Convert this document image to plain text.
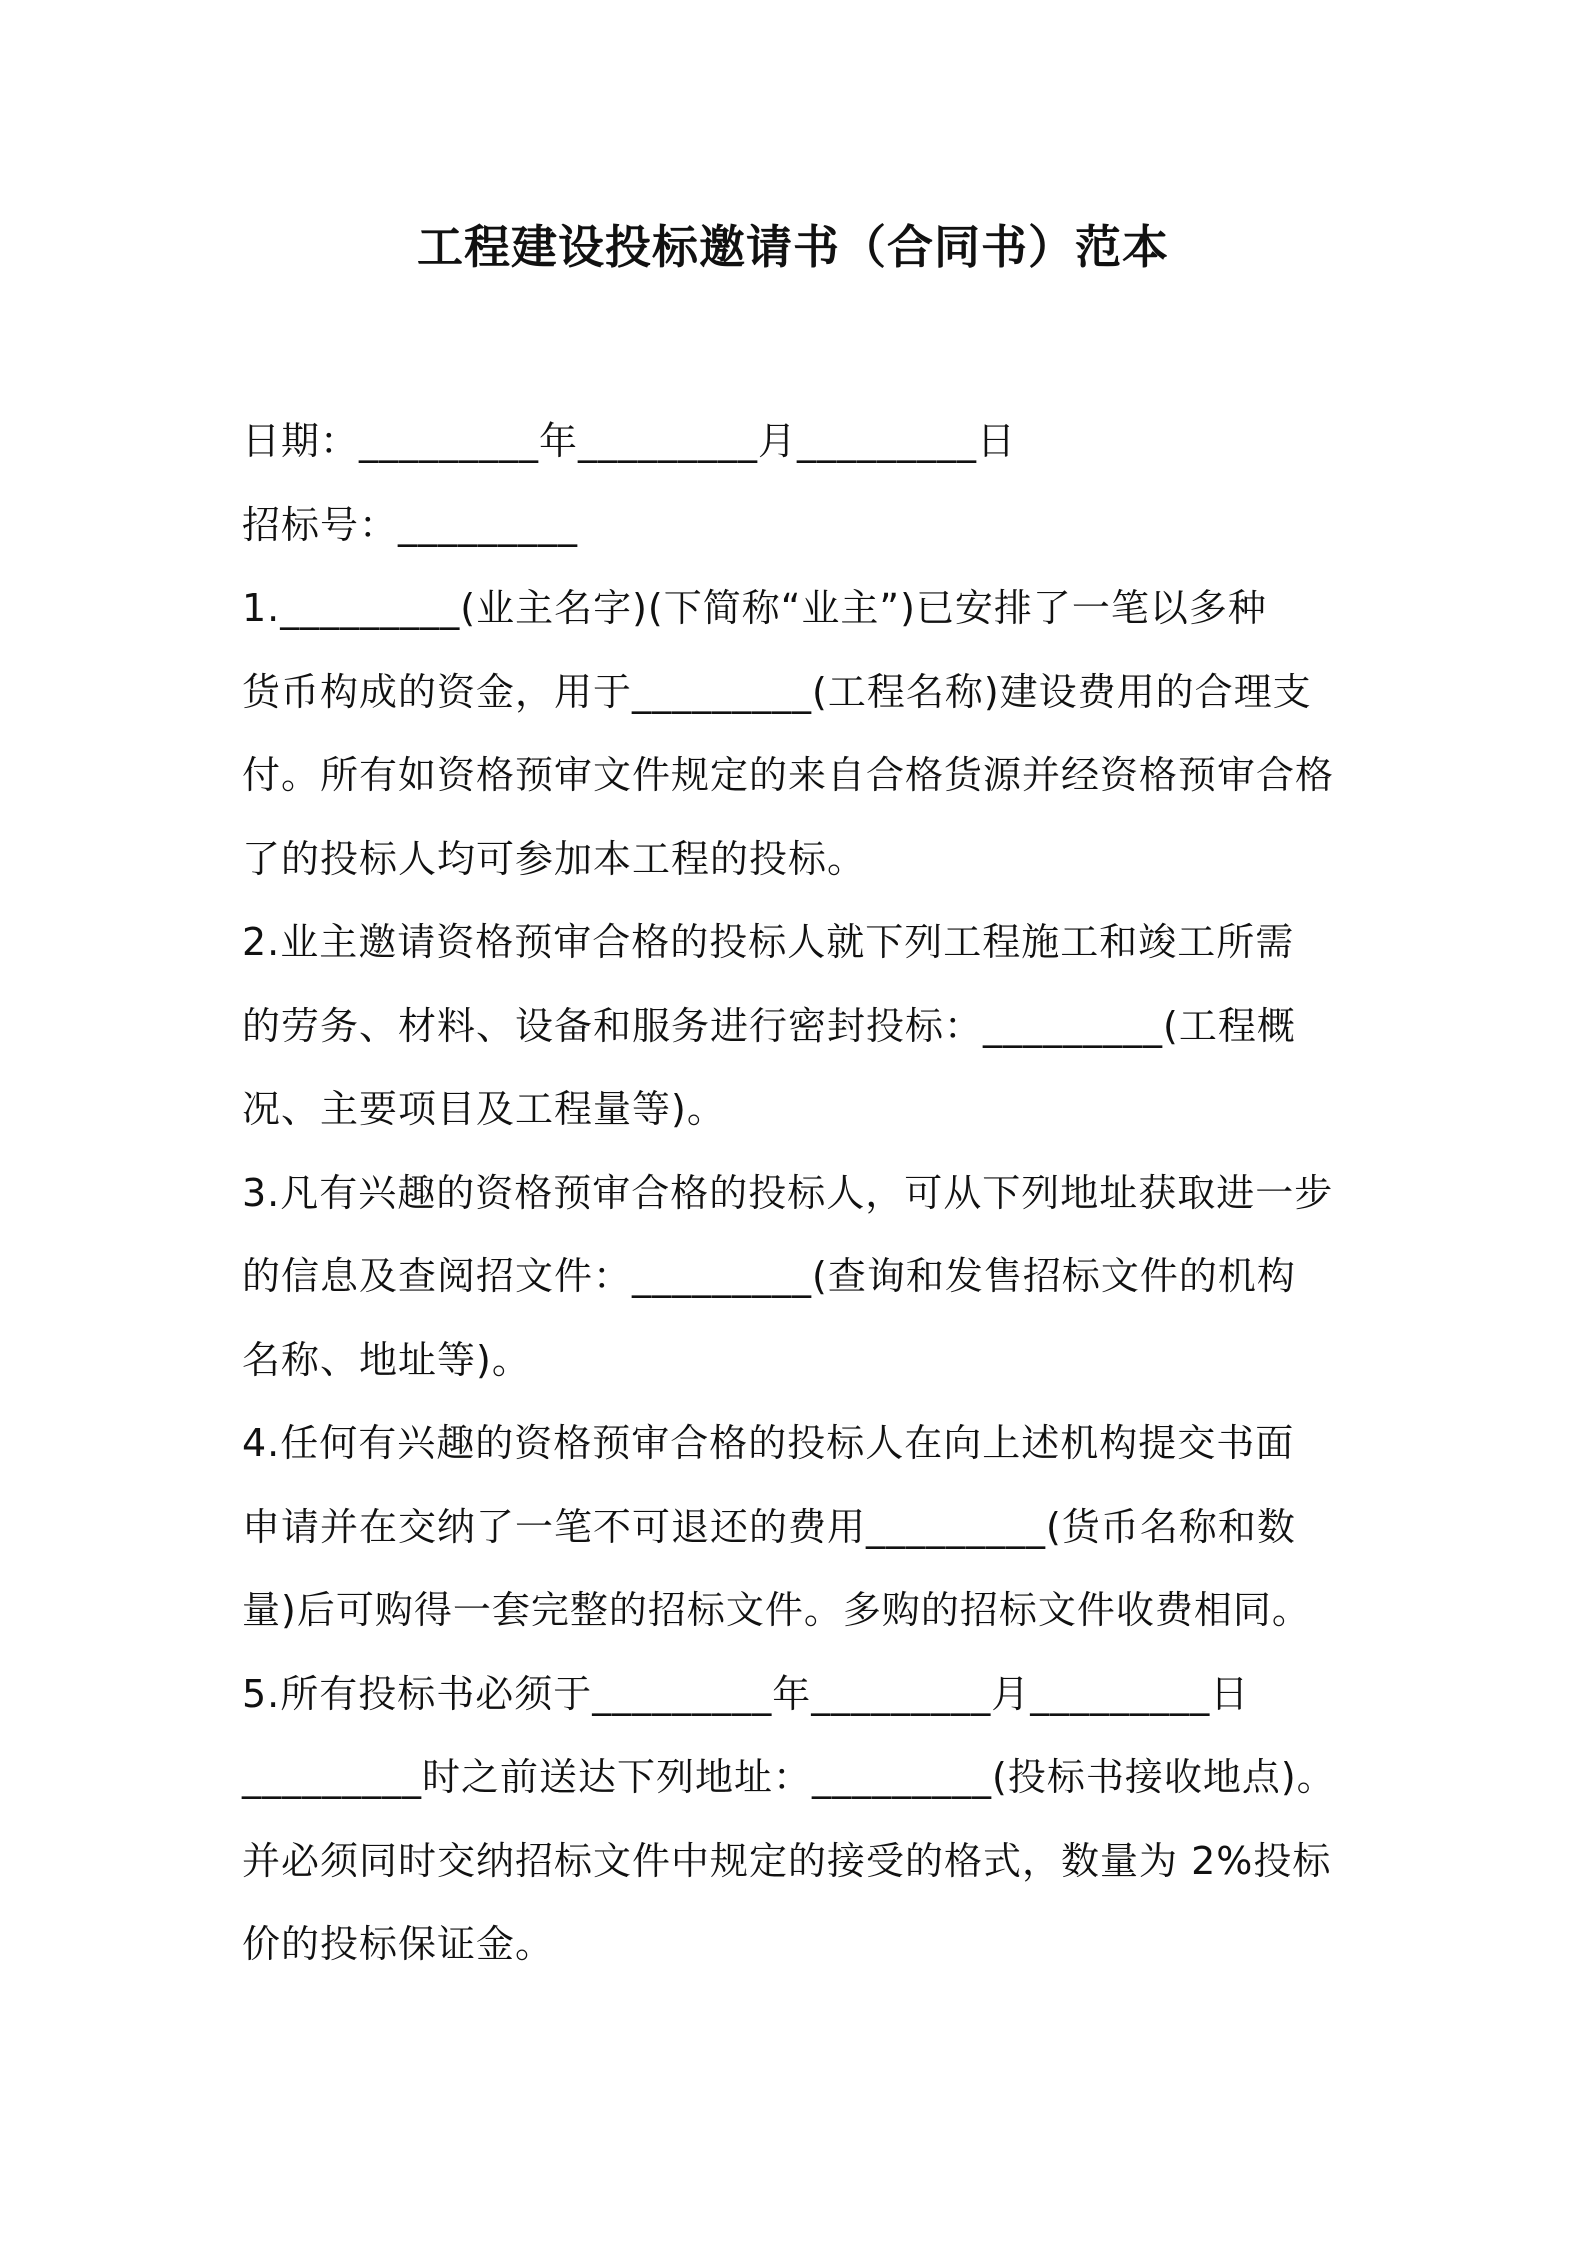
工程建设投标邀请书（合同书）范本
日期：_________年_________月_________日
招标号：_________
1._________(业主名字)(下简称“业主”)已安排了一笔以多种
货币构成的资金，用于_________(工程名称)建设费用的合理支
付。所有如资格预审文件规定的来自合格货源并经资格预审合格
了的投标人均可参加本工程的投标。
2.业主邀请资格预审合格的投标人就下列工程施工和竣工所需
的劳务、材料、设备和服务进行密封投标：_________(工程概
况、主要项目及工程量等)。
3.凡有兴趣的资格预审合格的投标人，可从下列地址获取进一步
的信息及查阅招文件：_________(查询和发售招标文件的机构
名称、地址等)。
4.任何有兴趣的资格预审合格的投标人在向上述机构提交书面
申请并在交纳了一笔不可退还的费用_________(货币名称和数
量)后可购得一套完整的招标文件。多购的招标文件收费相同。
5.所有投标书必须于_________年_________月_________日
_________时之前送达下列地址：_________(投标书接收地点)。
并必须同时交纳招标文件中规定的接受的格式，数量为 2%投标
价的投标保证金。
